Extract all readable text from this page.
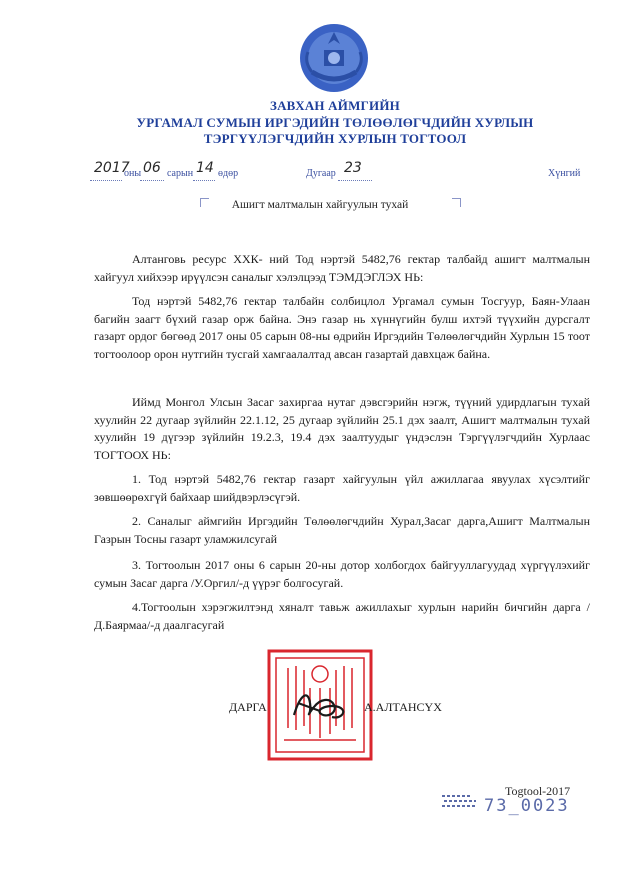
ЗАВХАН АЙМГИЙН
УРГАМАЛ СУМЫН ИРГЭДИЙН ТӨЛӨӨЛӨГЧДИЙН ХУРЛЫН
ТЭРГҮҮЛЭГЧДИЙН ХУРЛЫН ТОГТООЛ
2017
оны 06 сарын 14 өдөр	Дугаар 23	Хүнгий
Ашигт малтмалын хайгуулын тухай

Алтанговь ресурс ХХК- ний Тод нэртэй 5482,76 гектар талбайд ашигт малтмалын хайгуул хийхээр ирүүлсэн саналыг хэлэлцээд ТЭМДЭГЛЭХ НЬ:

Тод нэртэй 5482,76 гектар талбайн солбицлол Ургамал сумын Тосгуур, Баян-Улаан багийн заагт бүхий газар орж байна. Энэ газар нь хүннүгийн булш ихтэй түүхийн дурсгалт газарт ордог бөгөөд 2017 оны 05 сарын 08-ны өдрийн Иргэдийн Төлөөлөгчдийн Хурлын 15 тоот тогтоолоор орон нутгийн тусгай хамгаалалтад авсан газартай давхцаж байна.

Иймд Монгол Улсын Засаг захиргаа нутаг дэвсгэрийн нэгж, түүний удирдлагын тухай хуулийн 22 дугаар зүйлийн 22.1.12, 25 дугаар зүйлийн 25.1 дэх заалт, Ашигт малтмалын тухай хуулийн 19 дүгээр зүйлийн 19.2.3, 19.4 дэх заалтуудыг үндэслэн Тэргүүлэгчдийн Хурлаас ТОГТООХ НЬ:

1. Тод нэртэй 5482,76 гектар газарт хайгуулын үйл ажиллагаа явуулах хүсэлтийг зөвшөөрөхгүй байхаар шийдвэрлэсүгэй.

2. Саналыг аймгийн Иргэдийн Төлөөлөгчдийн Хурал,Засаг дарга,Ашигт Малтмалын Газрын Тосны газарт уламжилсугай

3. Тогтоолын 2017 оны 6 сарын 20-ны дотор холбогдох байгууллагуудад хүргүүлэхийг сумын Засаг дарга /У.Оргил/-д үүрэг болгосугай.

4.Тогтоолын хэрэгжилтэнд хяналт тавьж ажиллахыг хурлын нарийн бичгийн дарга /Д.Баярмаа/-д даалгасугай

ДАРГА	А.АЛТАНСҮХ
Togtool-2017
73_0023
